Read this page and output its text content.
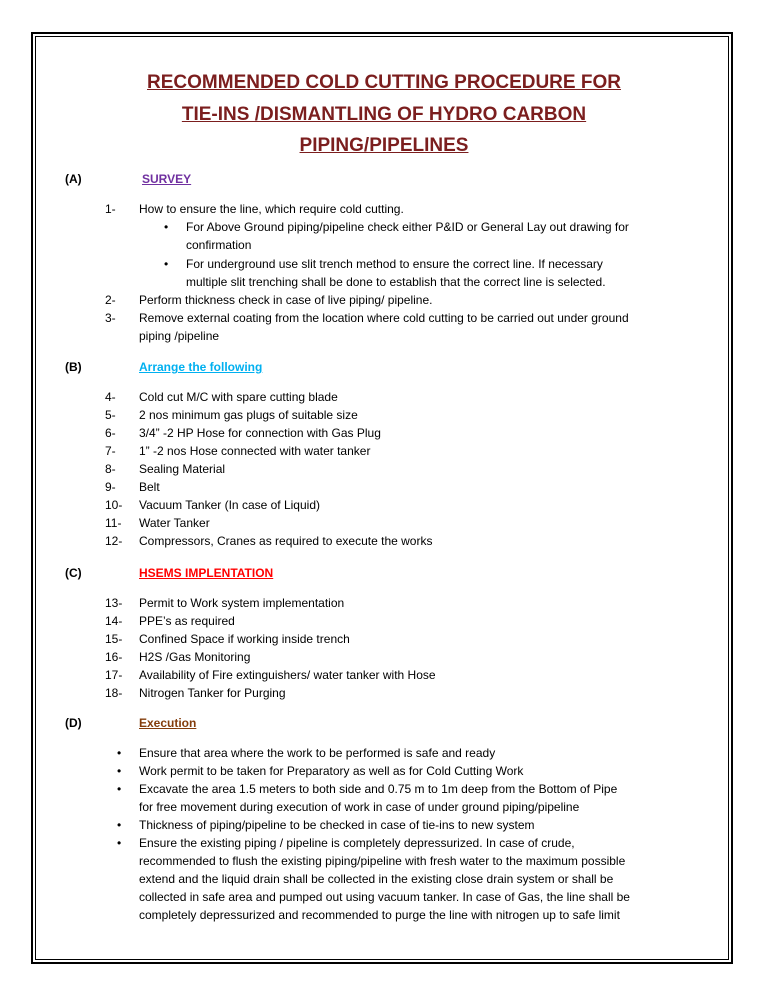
RECOMMENDED COLD CUTTING PROCEDURE FOR
TIE-INS /DISMANTLING OF HYDRO CARBON
PIPING/PIPELINES
(A)	SURVEY
1- How to ensure the line, which require cold cutting.
• For Above Ground piping/pipeline check either P&ID or General Lay out drawing for
confirmation
• For underground use slit trench method to ensure the correct line. If necessary
multiple slit trenching shall be done to establish that the correct line is selected.
2- Perform thickness check in case of live piping/ pipeline.
3- Remove external coating from the location where cold cutting to be carried out under ground
piping /pipeline
(B)	Arrange the following
4- Cold cut M/C with spare cutting blade
5- 2 nos minimum gas plugs of suitable size
6- 3/4” -2 HP Hose for connection with Gas Plug
7- 1” -2 nos Hose connected with water tanker
8- Sealing Material
9- Belt
10- Vacuum Tanker (In case of Liquid)
11- Water Tanker
12- Compressors, Cranes as required to execute the works
(C)	HSEMS IMPLENTATION
13- Permit to Work system implementation
14- PPE’s as required
15- Confined Space if working inside trench
16- H2S /Gas Monitoring
17- Availability of Fire extinguishers/ water tanker with Hose
18- Nitrogen Tanker for Purging
(D)	Execution
• Ensure that area where the work to be performed is safe and ready
• Work permit to be taken for Preparatory as well as for Cold Cutting Work
• Excavate the area 1.5 meters to both side and 0.75 m to 1m deep from the Bottom of Pipe
for free movement during execution of work in case of under ground piping/pipeline
• Thickness of piping/pipeline to be checked in case of tie-ins to new system
• Ensure the existing piping / pipeline is completely depressurized. In case of crude,
recommended to flush the existing piping/pipeline with fresh water to the maximum possible
extend and the liquid drain shall be collected in the existing close drain system or shall be
collected in safe area and pumped out using vacuum tanker. In case of Gas, the line shall be
completely depressurized and recommended to purge the line with nitrogen up to safe limit
